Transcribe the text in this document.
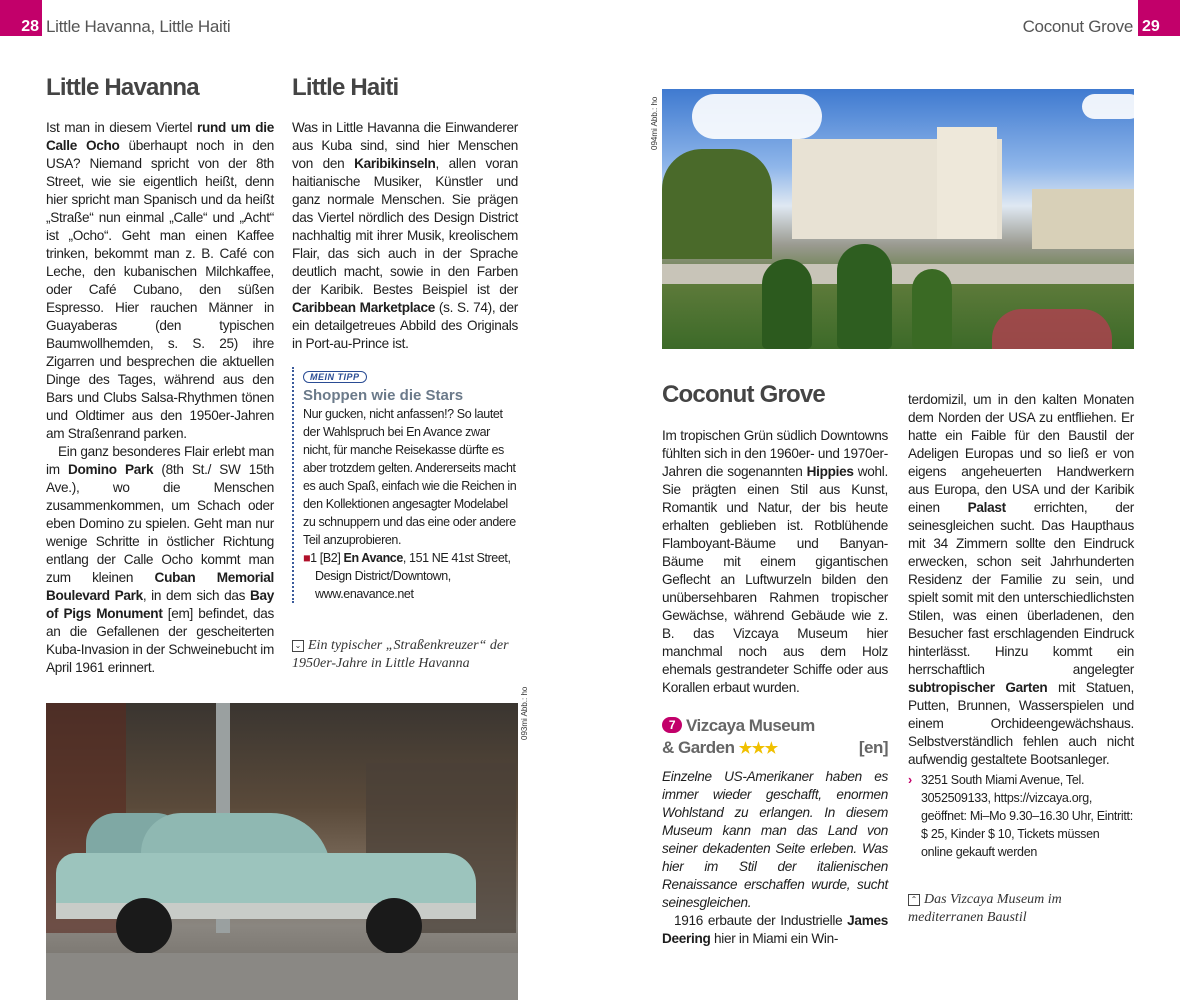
28 Little Havanna, Little Haiti
Little Havanna

Ist man in diesem Viertel rund um die Calle Ocho überhaupt noch in den USA? Niemand spricht von der 8th Street, wie sie eigentlich heißt, denn hier spricht man Spanisch und da heißt „Straße“ nun einmal „Calle“ und „Acht“ ist „Ocho“. Geht man einen Kaffee trinken, bekommt man z. B. Café con Leche, den kubanischen Milchkaffee, oder Café Cubano, den süßen Espresso. Hier rauchen Männer in Guayaberas (den typischen Baumwollhemden, s. S. 25) ihre Zigarren und besprechen die aktuellen Dinge des Tages, während aus den Bars und Clubs Salsa-Rhythmen tönen und Oldtimer aus den 1950er-Jahren am Straßenrand parken.

Ein ganz besonderes Flair erlebt man im Domino Park (8th St./ SW 15th Ave.), wo die Menschen zusammenkommen, um Schach oder eben Domino zu spielen. Geht man nur wenige Schritte in östlicher Richtung entlang der Calle Ocho kommt man zum kleinen Cuban Memorial Boulevard Park, in dem sich das Bay of Pigs Monument [em] befindet, das an die Gefallenen der gescheiterten Kuba-Invasion in der Schweinebucht im April 1961 erinnert.

Little Haiti

Was in Little Havanna die Einwanderer aus Kuba sind, sind hier Menschen von den Karibikinseln, allen voran haitianische Musiker, Künstler und ganz normale Menschen. Sie prägen das Viertel nördlich des Design District nachhaltig mit ihrer Musik, kreolischem Flair, das sich auch in der Sprache deutlich macht, sowie in den Farben der Karibik. Bestes Beispiel ist der Caribbean Marketplace (s. S. 74), der ein detailgetreues Abbild des Originals in Port-au-Prince ist.

MEIN TIPP
Shoppen wie die Stars
Nur gucken, nicht anfassen!? So lautet der Wahlspruch bei En Avance zwar nicht, für manche Reisekasse dürfte es aber trotzdem gelten. Andererseits macht es auch Spaß, einfach wie die Reichen in den Kollektionen angesagter Modelabel zu schnuppern und das eine oder andere Teil anzuprobieren.
■1 [B2] En Avance, 151 NE 41st Street, Design District/Downtown, www.enavance.net
⌄ Ein typischer „Straßenkreuzer“ der 1950er-Jahre in Little Havanna
093mi Abb.: ho
Coconut Grove 29
094mi Abb.: ho
Coconut Grove

Im tropischen Grün südlich Downtowns fühlten sich in den 1960er- und 1970er-Jahren die sogenannten Hippies wohl. Sie prägten einen Stil aus Kunst, Romantik und Natur, der bis heute erhalten geblieben ist. Rotblühende Flamboyant-Bäume und Banyan-Bäume mit einem gigantischen Geflecht an Luftwurzeln bilden den unübersehbaren Rahmen tropischer Gewächse, während Gebäude wie z. B. das Vizcaya Museum hier manchmal noch aus dem Holz ehemals gestrandeter Schiffe oder aus Korallen erbaut wurden.

7 Vizcaya Museum
& Garden ★★★	[en]

Einzelne US-Amerikaner haben es immer wieder geschafft, enormen Wohlstand zu erlangen. In diesem Museum kann man das Land von seiner dekadenten Seite erleben. Was hier im Stil der italienischen Renaissance erschaffen wurde, sucht seinesgleichen.

1916 erbaute der Industrielle James Deering hier in Miami ein Win-

terdomizil, um in den kalten Monaten dem Norden der USA zu entfliehen. Er hatte ein Faible für den Baustil der Adeligen Europas und so ließ er von eigens angeheuerten Handwerkern aus Europa, den USA und der Karibik einen Palast errichten, der seinesgleichen sucht. Das Haupthaus mit 34 Zimmern sollte den Eindruck erwecken, schon seit Jahrhunderten Residenz der Familie zu sein, und spielt somit mit den unterschiedlichsten Stilen, was einen überladenen, den Besucher fast erschlagenden Eindruck hinterlässt. Hinzu kommt ein herrschaftlich angelegter subtropischer Garten mit Statuen, Putten, Brunnen, Wasserspielen und einem Orchideengewächshaus. Selbstverständlich fehlen auch nicht aufwendig gestaltete Bootsanleger.

› 3251 South Miami Avenue, Tel. 3052509133, https://vizcaya.org, geöffnet: Mi–Mo 9.30–16.30 Uhr, Eintritt: $ 25, Kinder $ 10, Tickets müssen online gekauft werden
⌃ Das Vizcaya Museum im mediterranen Baustil
